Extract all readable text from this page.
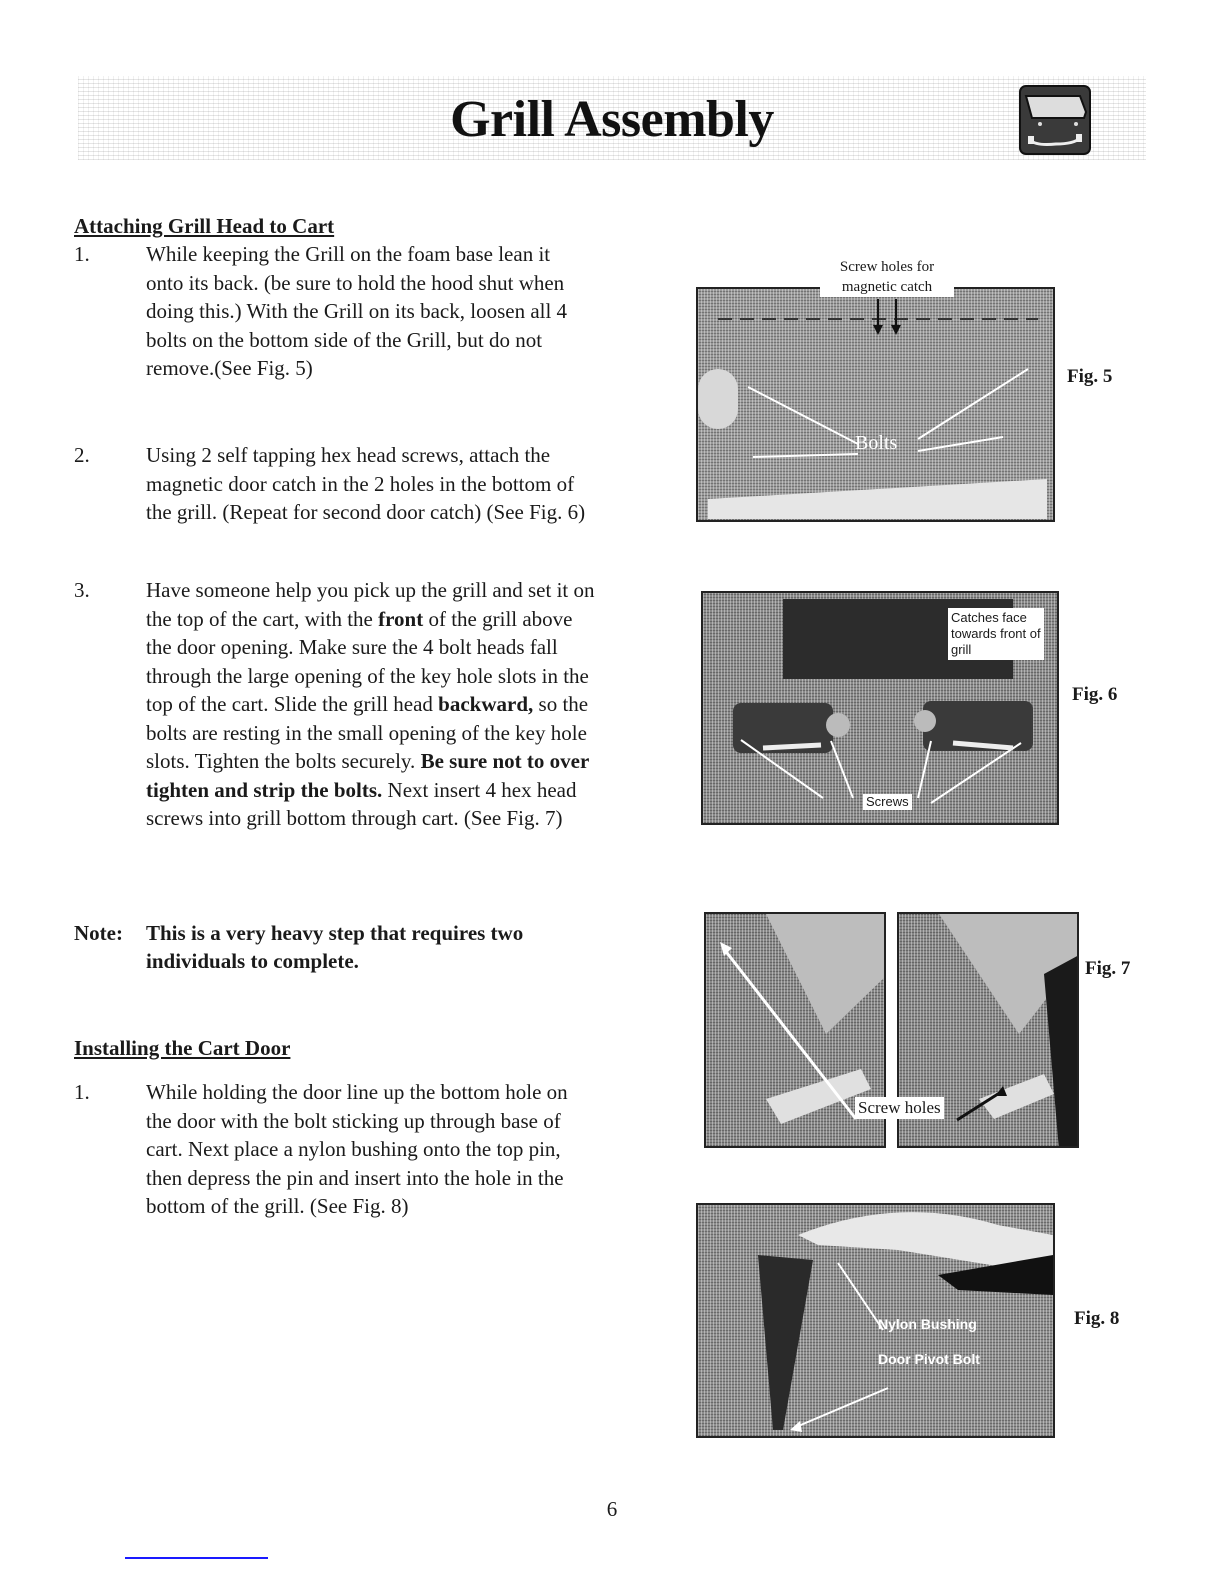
Grill Assembly
Attaching Grill Head to Cart
1.	While keeping the Grill on the foam base lean it onto its back. (be sure to hold the hood shut when doing this.) With the Grill on its back, loosen all 4 bolts on the bottom side of the Grill, but do not remove.(See Fig. 5)
2.	Using 2 self tapping hex head screws, attach the magnetic door catch in the 2 holes in the bottom of the grill. (Repeat for second door catch) (See Fig. 6)
3.	Have someone help you pick up the grill and set it on the top of the cart, with the front of the grill above the door opening. Make sure the 4 bolt heads fall through the large opening of the key hole slots in the top of the cart. Slide the grill head backward, so the bolts are resting in the small opening of the key hole slots. Tighten the bolts securely. Be sure not to over tighten and strip the bolts. Next insert 4 hex head screws into grill bottom through cart. (See Fig. 7)
Note: This is a very heavy step that requires two individuals to complete.
Installing the Cart Door
1.	While holding the door line up the bottom hole on the door with the bolt sticking up through base of cart. Next place a nylon bushing onto the top pin, then depress the pin and insert into the hole in the bottom of the grill. (See Fig. 8)
Bolts
Screw holes for magnetic catch
Fig. 5
Catches face towards front of grill
Screws
Fig. 6
Screw holes
Fig. 7
Nylon Bushing
Door Pivot Bolt
Fig. 8
6
